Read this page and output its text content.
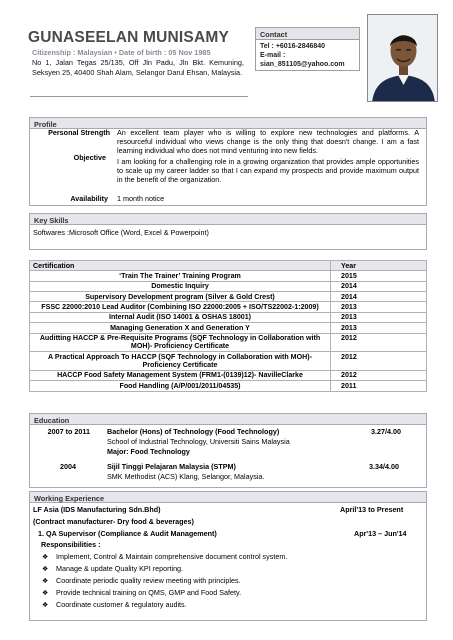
GUNASEELAN MUNISAMY
Citizenship : Malaysian • Date of birth : 05 Nov 1985
No 1, Jalan Tegas 25/135, Off Jln Padu, Jln Bkt. Kemuning, Seksyen 25, 40400 Shah Alam, Selangor Darul Ehsan, Malaysia.
Contact
Tel : +6016-2846840
E-mail :
sian_851105@yahoo.com
Profile
Personal Strength An excellent team player who is willing to explore new technologies and platforms. A resourceful individual who views change is the only thing that doesn't change. I am a fast learning individual who does not mind venturing into new fields.
Objective I am looking for a challenging role in a growing organization that provides ample opportunities to scale up my career ladder so that I can expand my prospects and provide maximum output in the benefit of the organization.
Availability 1 month notice
Key Skills
Softwares :Microsoft Office (Word, Excel & Powerpoint)
Certification	Year
‘Train The Trainer’ Training Program	2015
Domestic Inquiry	2014
Supervisory Development program (Silver & Gold Crest)	2014
FSSC 22000:2010 Lead Auditor (Combining ISO 22000:2005 + ISO/TS22002-1:2009)	2013
Internal Audit (ISO 14001 & OSHAS 18001)	2013
Managing Generation X and Generation Y	2013
Auditting HACCP & Pre-Requisite Programs (SQF Technology in Collaboration with MOH)- Proficiency Certificate	2012
A Practical Approach To HACCP (SQF Technology in Collaboration with MOH)-Proficiency Certificate	2012
HACCP Food Safety Management System (FRM1-(0139)12)- NavilleClarke	2012
Food Handling (A/P/001/2011/04535)	2011
Education
2007 to 2011 Bachelor (Hons) of Technology (Food Technology)	3.27/4.00
School of Industrial Technology, Universiti Sains Malaysia
Major: Food Technology
2004	Sijil Tinggi Pelajaran Malaysia (STPM)	3.34/4.00
SMK Methodist (ACS) Klang, Selangor, Malaysia.
Working Experience
LF Asia (IDS Manufacturing Sdn.Bhd)	April'13 to Present
(Contract manufacturer- Dry food & beverages)
1. QA Supervisor (Compliance & Audit Management)	Apr'13 – Jun'14
Responsibilities :
❖ Implement, Control & Maintain comprehensive document control system.
❖ Manage & update Quality KPI reporting.
❖ Coordinate periodic quality review meeting with principles.
❖ Provide technical training on QMS, GMP and Food Safety.
❖ Coordinate customer & regulatory audits.
